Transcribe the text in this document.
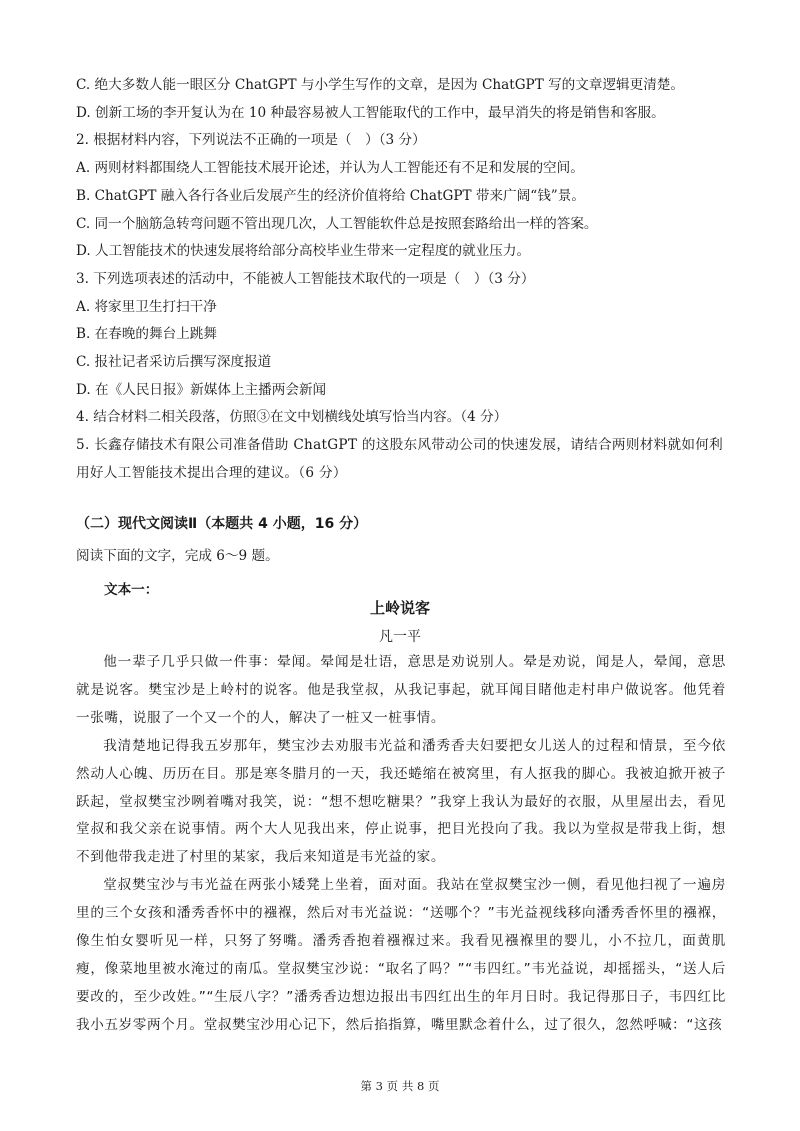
C. 绝大多数人能一眼区分 ChatGPT 与小学生写作的文章，是因为 ChatGPT 写的文章逻辑更清楚。
D. 创新工场的李开复认为在 10 种最容易被人工智能取代的工作中，最早消失的将是销售和客服。
2. 根据材料内容，下列说法不正确的一项是（　）（3 分）
A. 两则材料都围绕人工智能技术展开论述，并认为人工智能还有不足和发展的空间。
B. ChatGPT 融入各行各业后发展产生的经济价值将给 ChatGPT 带来广阔“钱”景。
C. 同一个脑筋急转弯问题不管出现几次，人工智能软件总是按照套路给出一样的答案。
D. 人工智能技术的快速发展将给部分高校毕业生带来一定程度的就业压力。
3. 下列选项表述的活动中，不能被人工智能技术取代的一项是（　）（3 分）
A. 将家里卫生打扫干净
B. 在春晚的舞台上跳舞
C. 报社记者采访后撰写深度报道
D. 在《人民日报》新媒体上主播两会新闻
4. 结合材料二相关段落，仿照③在文中划横线处填写恰当内容。（4 分）
5. 长鑫存储技术有限公司准备借助 ChatGPT 的这股东风带动公司的快速发展，请结合两则材料就如何利用好人工智能技术提出合理的建议。（6 分）
（二）现代文阅读Ⅱ（本题共 4 小题，16 分）
阅读下面的文字，完成 6～9 题。
文本一：
上岭说客
凡一平

他一辈子几乎只做一件事：晕闻。晕闻是壮语，意思是劝说别人。晕是劝说，闻是人，晕闻，意思就是说客。樊宝沙是上岭村的说客。他是我堂叔，从我记事起，就耳闻目睹他走村串户做说客。他凭着一张嘴，说服了一个又一个的人，解决了一桩又一桩事情。

我清楚地记得我五岁那年，樊宝沙去劝服韦光益和潘秀香夫妇要把女儿送人的过程和情景，至今依然动人心魄、历历在目。那是寒冬腊月的一天，我还蜷缩在被窝里，有人抠我的脚心。我被迫掀开被子跃起，堂叔樊宝沙咧着嘴对我笑，说：“想不想吃糖果？”我穿上我认为最好的衣服，从里屋出去，看见堂叔和我父亲在说事情。两个大人见我出来，停止说事，把目光投向了我。我以为堂叔是带我上街，想不到他带我走进了村里的某家，我后来知道是韦光益的家。

堂叔樊宝沙与韦光益在两张小矮凳上坐着，面对面。我站在堂叔樊宝沙一侧，看见他扫视了一遍房里的三个女孩和潘秀香怀中的襁褓，然后对韦光益说：“送哪个？”韦光益视线移向潘秀香怀里的襁褓，像生怕女婴听见一样，只努了努嘴。潘秀香抱着襁褓过来。我看见襁褓里的婴儿，小不拉几，面黄肌瘦，像菜地里被水淹过的南瓜。堂叔樊宝沙说：“取名了吗？”“韦四红。”韦光益说，却摇摇头，“送人后要改的，至少改姓。”“生辰八字？”潘秀香边想边报出韦四红出生的年月日时。我记得那日子，韦四红比我小五岁零两个月。堂叔樊宝沙用心记下，然后掐指算，嘴里默念着什么，过了很久，忽然呼喊：“这孩

第 3 页 共 8 页
